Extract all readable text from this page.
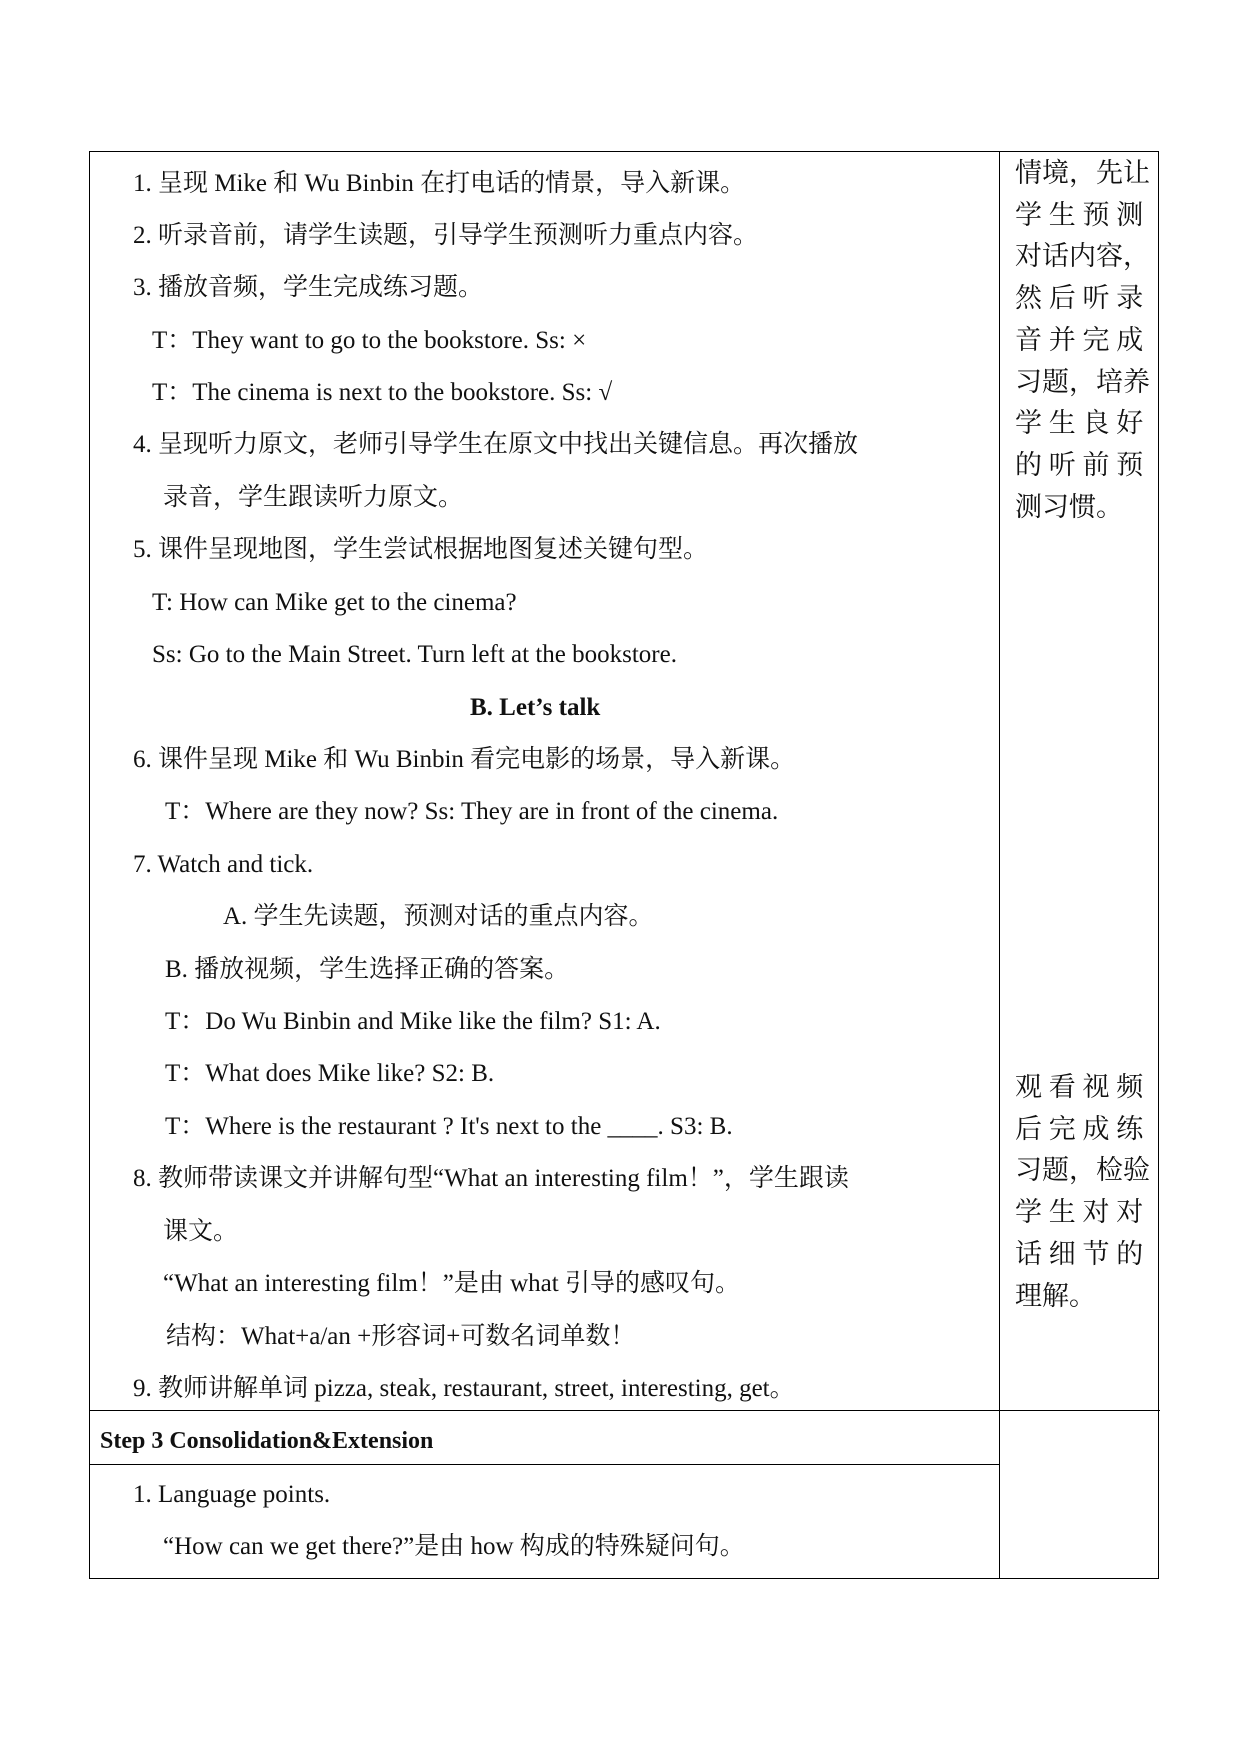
1. 呈现 Mike 和 Wu Binbin 在打电话的情景，导入新课。
2. 听录音前，请学生读题，引导学生预测听力重点内容。
3. 播放音频，学生完成练习题。
T：They want to go to the bookstore. Ss: ×
T：The cinema is next to the bookstore. Ss: √
4. 呈现听力原文，老师引导学生在原文中找出关键信息。再次播放
录音，学生跟读听力原文。
5. 课件呈现地图，学生尝试根据地图复述关键句型。
T: How can Mike get to the cinema?
Ss: Go to the Main Street. Turn left at the bookstore.
B. Let’s talk
6. 课件呈现 Mike 和 Wu Binbin 看完电影的场景，导入新课。
T：Where are they now? Ss: They are in front of the cinema.
7. Watch and tick.
A. 学生先读题，预测对话的重点内容。
B. 播放视频，学生选择正确的答案。
T：Do Wu Binbin and Mike like the film? S1: A.
T：What does Mike like? S2: B.
T：Where is the restaurant ? It's next to the ____. S3: B.
8. 教师带读课文并讲解句型“What an interesting film！”，学生跟读
课文。
“What an interesting film！”是由 what 引导的感叹句。
结构：What+a/an +形容词+可数名词单数！
9. 教师讲解单词 pizza, steak, restaurant, street, interesting, get。
Step 3 Consolidation&Extension
1. Language points.
“How can we get there?”是由 how 构成的特殊疑问句。
情境，先让
学 生 预 测
对话内容，
然 后 听 录
音 并 完 成
习题，培养
学 生 良 好
的 听 前 预
测习惯。
观 看 视 频
后 完 成 练
习题，检验
学 生 对 对
话 细 节 的
理解。
